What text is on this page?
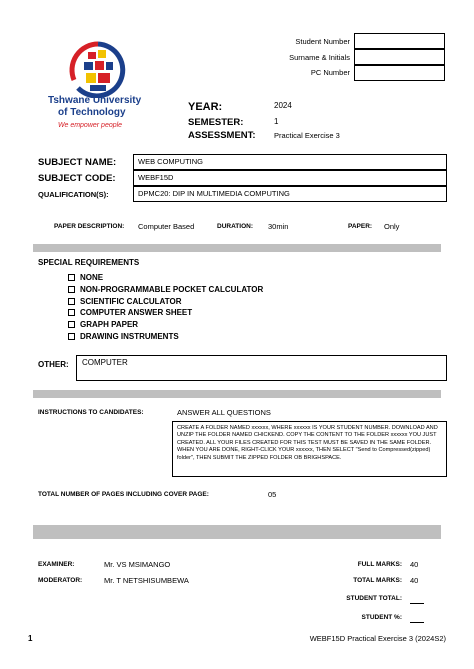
Tshwane University
of Technology
We empower people
Student Number
Surname & Initials
PC Number
YEAR:	2024
SEMESTER:	1
ASSESSMENT: Practical Exercise 3
SUBJECT NAME:	WEB COMPUTING
SUBJECT CODE:	WEBF15D
QUALIFICATION(S):	DPMC20: DIP IN MULTIMEDIA COMPUTING
PAPER DESCRIPTION: Computer Based	DURATION: 30min	PAPER: Only
SPECIAL REQUIREMENTS
NONE
NON-PROGRAMMABLE POCKET CALCULATOR
SCIENTIFIC CALCULATOR
COMPUTER ANSWER SHEET
GRAPH PAPER
DRAWING INSTRUMENTS
OTHER:	COMPUTER
INSTRUCTIONS TO CANDIDATES:	ANSWER ALL QUESTIONS
CREATE A FOLDER NAMED xxxxxx, WHERE xxxxxx IS YOUR STUDENT NUMBER. DOWNLOAD AND UNZIP THE FOLDER NAMED CHICKEND. COPY THE CONTENT TO THE FOLDER xxxxxx YOU JUST CREATED. ALL YOUR FILES CREATED FOR THIS TEST MUST BE SAVED IN THE SAME FOLDER. WHEN YOU ARE DONE, RIGHT-CLICK YOUR xxxxxx, THEN SELECT "Send to Compressed(zipped) folder", THEN SUBMIT THE ZIPPED FOLDER OB BRIGHSPACE.
TOTAL NUMBER OF PAGES INCLUDING COVER PAGE:	05
EXAMINER:	Mr. VS MSIMANGO
MODERATOR:	Mr. T NETSHISUMBEWA
FULL MARKS: 40
TOTAL MARKS: 40
STUDENT TOTAL:
STUDENT %:
1	WEBF15D Practical Exercise 3 (2024S2)
